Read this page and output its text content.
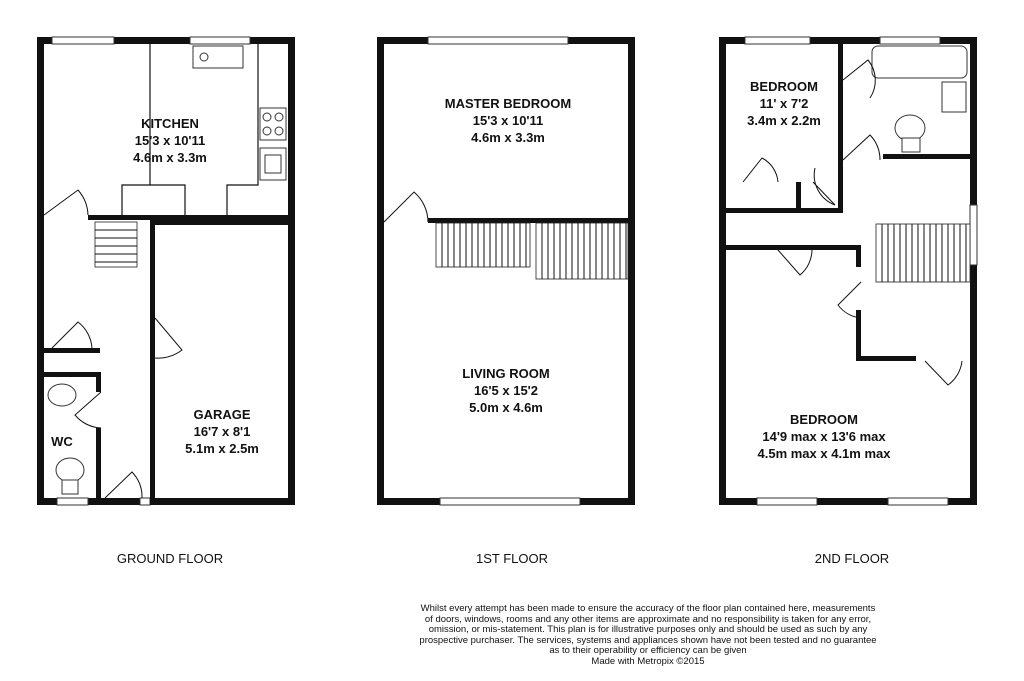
KITCHEN
15'3 x 10'11
4.6m x 3.3m
GARAGE
16'7 x 8'1
5.1m x 2.5m
WC
GROUND FLOOR
MASTER BEDROOM
15'3 x 10'11
4.6m x 3.3m
LIVING ROOM
16'5 x 15'2
5.0m x 4.6m
1ST FLOOR
BEDROOM
11' x 7'2
3.4m x 2.2m
BEDROOM
14'9 max x 13'6 max
4.5m max x 4.1m max
2ND FLOOR
Whilst every attempt has been made to ensure the accuracy of the floor plan contained here, measurements
of doors, windows, rooms and any other items are approximate and no responsibility is taken for any error,
omission, or mis-statement. This plan is for illustrative purposes only and should be used as such by any
prospective purchaser. The services, systems and appliances shown have not been tested and no guarantee
as to their operability or efficiency can be given
Made with Metropix ©2015
